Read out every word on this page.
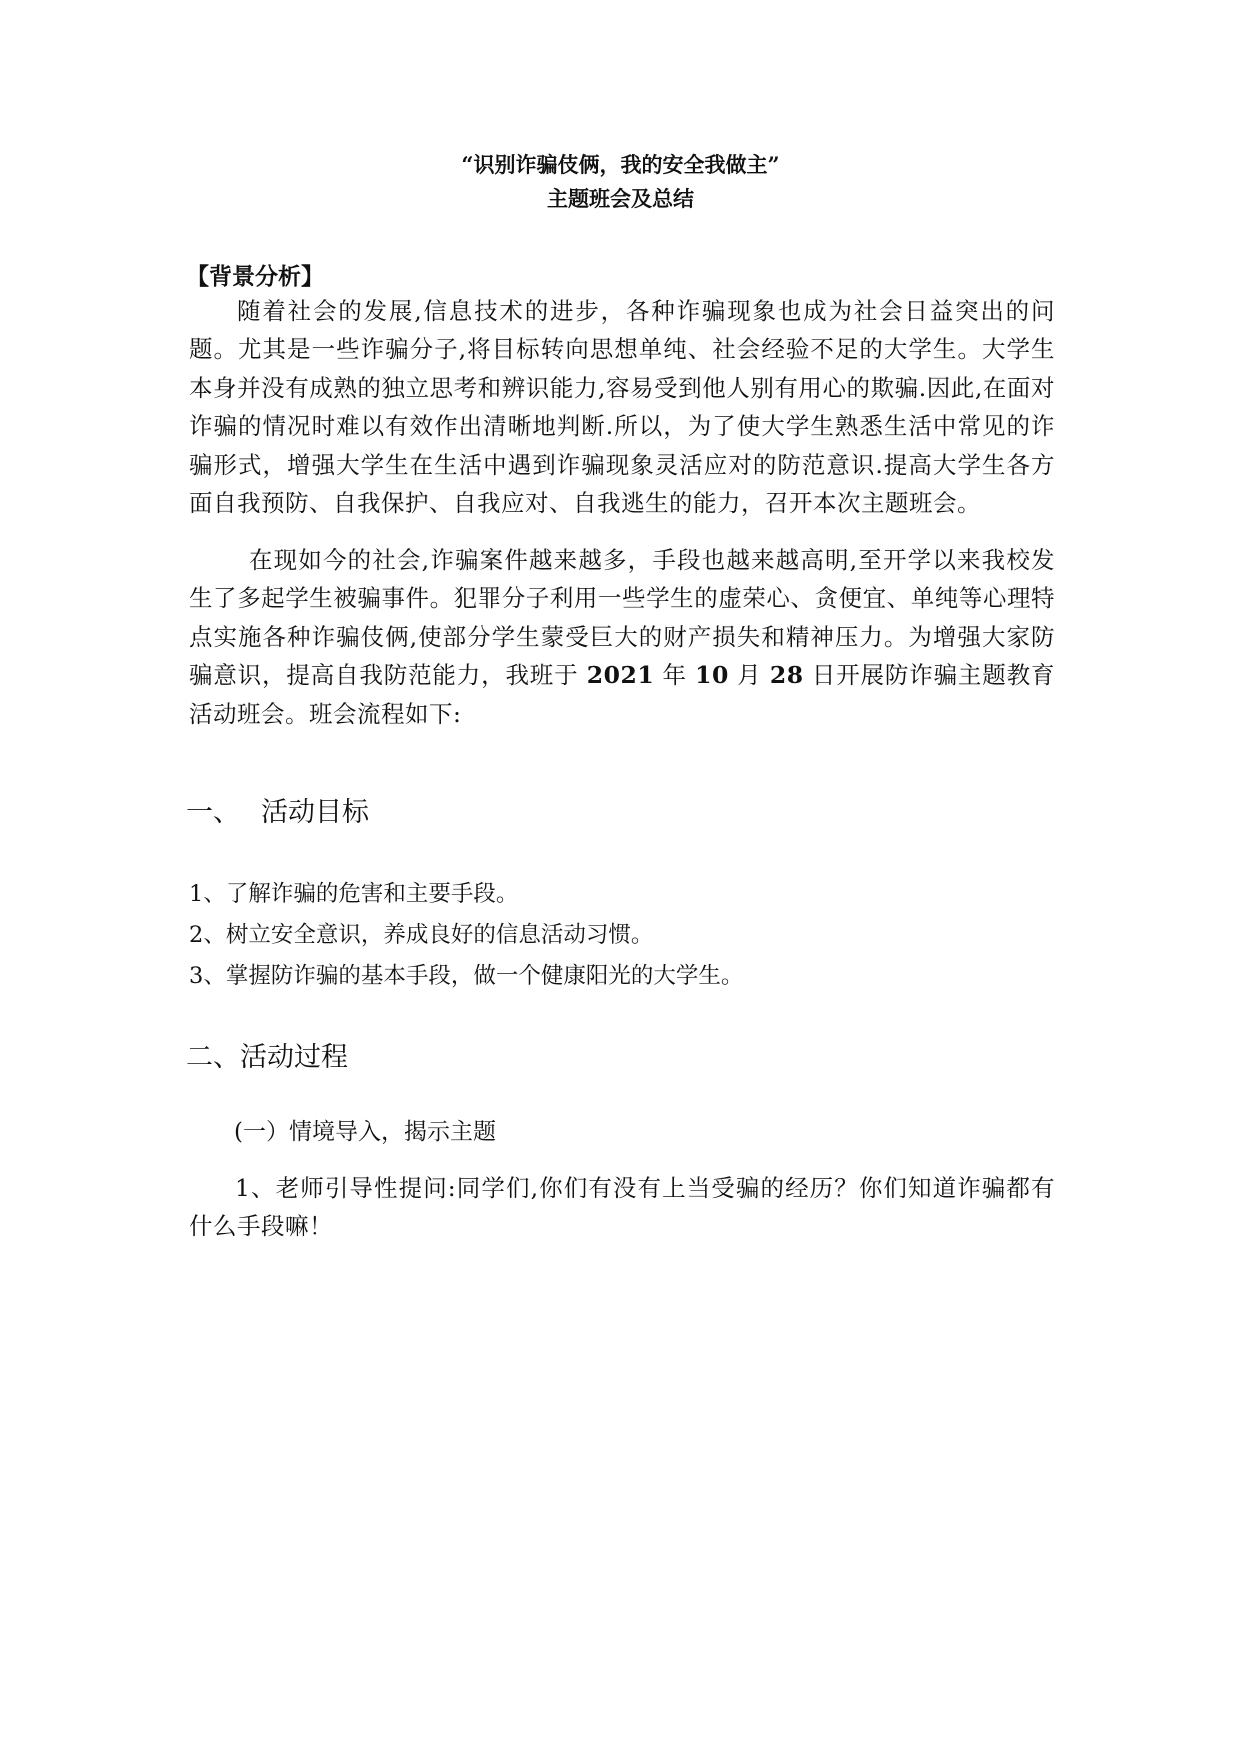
“识别诈骗伎俩，我的安全我做主”
主题班会及总结
【背景分析】

随着社会的发展,信息技术的进步，各种诈骗现象也成为社会日益突出的问题。尤其是一些诈骗分子,将目标转向思想单纯、社会经验不足的大学生。大学生本身并没有成熟的独立思考和辨识能力,容易受到他人别有用心的欺骗.因此,在面对诈骗的情况时难以有效作出清晰地判断.所以，为了使大学生熟悉生活中常见的诈骗形式，增强大学生在生活中遇到诈骗现象灵活应对的防范意识.提高大学生各方面自我预防、自我保护、自我应对、自我逃生的能力，召开本次主题班会。

在现如今的社会,诈骗案件越来越多，手段也越来越高明,至开学以来我校发生了多起学生被骗事件。犯罪分子利用一些学生的虚荣心、贪便宜、单纯等心理特点实施各种诈骗伎俩,使部分学生蒙受巨大的财产损失和精神压力。为增强大家防骗意识，提高自我防范能力，我班于 2021 年 10 月 28 日开展防诈骗主题教育活动班会。班会流程如下:

一、 活动目标
1、了解诈骗的危害和主要手段。
2、树立安全意识，养成良好的信息活动习惯。
3、掌握防诈骗的基本手段，做一个健康阳光的大学生。
二、活动过程

(一）情境导入，揭示主题

1、老师引导性提问:同学们,你们有没有上当受骗的经历？你们知道诈骗都有什么手段嘛！
